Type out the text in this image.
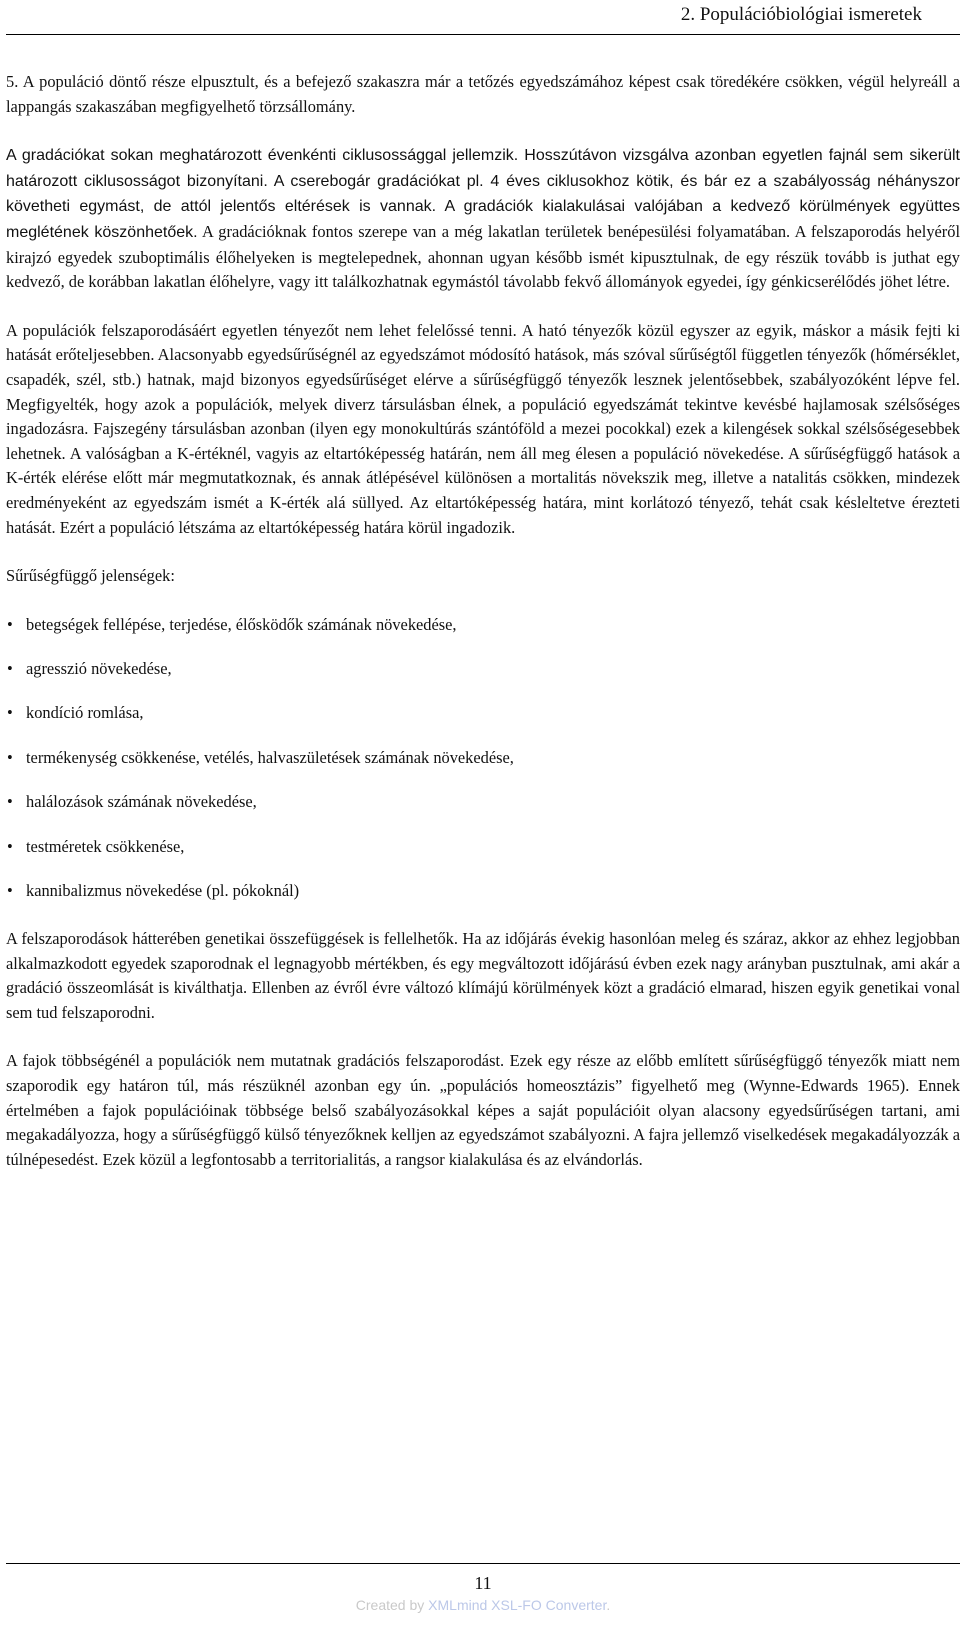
2. Populációbiológiai ismeretek

5. A populáció döntő része elpusztult, és a befejező szakaszra már a tetőzés egyedszámához képest csak töredékére csökken, végül helyreáll a lappangás szakaszában megfigyelhető törzsállomány.

A gradációkat sokan meghatározott évenkénti ciklusossággal jellemzik. Hosszútávon vizsgálva azonban egyetlen fajnál sem sikerült határozott ciklusosságot bizonyítani. A cserebogár gradációkat pl. 4 éves ciklusokhoz kötik, és bár ez a szabályosság néhányszor követheti egymást, de attól jelentős eltérések is vannak. A gradációk kialakulásai valójában a kedvező körülmények együttes meglétének köszönhetőek. A gradációknak fontos szerepe van a még lakatlan területek benépesülési folyamatában. A felszaporodás helyéről kirajzó egyedek szuboptimális élőhelyeken is megtelepednek, ahonnan ugyan később ismét kipusztulnak, de egy részük tovább is juthat egy kedvező, de korábban lakatlan élőhelyre, vagy itt találkozhatnak egymástól távolabb fekvő állományok egyedei, így génkicserélődés jöhet létre.

A populációk felszaporodásáért egyetlen tényezőt nem lehet felelőssé tenni. A ható tényezők közül egyszer az egyik, máskor a másik fejti ki hatását erőteljesebben. Alacsonyabb egyedsűrűségnél az egyedszámot módosító hatások, más szóval sűrűségtől független tényezők (hőmérséklet, csapadék, szél, stb.) hatnak, majd bizonyos egyedsűrűséget elérve a sűrűségfüggő tényezők lesznek jelentősebbek, szabályozóként lépve fel. Megfigyelték, hogy azok a populációk, melyek diverz társulásban élnek, a populáció egyedszámát tekintve kevésbé hajlamosak szélsőséges ingadozásra. Fajszegény társulásban azonban (ilyen egy monokultúrás szántóföld a mezei pocokkal) ezek a kilengések sokkal szélsőségesebbek lehetnek. A valóságban a K-értéknél, vagyis az eltartóképesség határán, nem áll meg élesen a populáció növekedése. A sűrűségfüggő hatások a K-érték elérése előtt már megmutatkoznak, és annak átlépésével különösen a mortalitás növekszik meg, illetve a natalitás csökken, mindezek eredményeként az egyedszám ismét a K-érték alá süllyed. Az eltartóképesség határa, mint korlátozó tényező, tehát csak késleltetve érezteti hatását. Ezért a populáció létszáma az eltartóképesség határa körül ingadozik.

Sűrűségfüggő jelenségek:

• betegségek fellépése, terjedése, élősködők számának növekedése,
• agresszió növekedése,
• kondíció romlása,
• termékenység csökkenése, vetélés, halvaszületések számának növekedése,
• halálozások számának növekedése,
• testméretek csökkenése,
• kannibalizmus növekedése (pl. pókoknál)

A felszaporodások hátterében genetikai összefüggések is fellelhetők. Ha az időjárás évekig hasonlóan meleg és száraz, akkor az ehhez legjobban alkalmazkodott egyedek szaporodnak el legnagyobb mértékben, és egy megváltozott időjárású évben ezek nagy arányban pusztulnak, ami akár a gradáció összeomlását is kiválthatja. Ellenben az évről évre változó klímájú körülmények közt a gradáció elmarad, hiszen egyik genetikai vonal sem tud felszaporodni.

A fajok többségénél a populációk nem mutatnak gradációs felszaporodást. Ezek egy része az előbb említett sűrűségfüggő tényezők miatt nem szaporodik egy határon túl, más részüknél azonban egy ún. „populációs homeosztázis” figyelhető meg (Wynne-Edwards 1965). Ennek értelmében a fajok populációinak többsége belső szabályozásokkal képes a saját populációit olyan alacsony egyedsűrűségen tartani, ami megakadályozza, hogy a sűrűségfüggő külső tényezőknek kelljen az egyedszámot szabályozni. A fajra jellemző viselkedések megakadályozzák a túlnépesedést. Ezek közül a legfontosabb a territorialitás, a rangsor kialakulása és az elvándorlás.

11
Created by XMLmind XSL-FO Converter.
